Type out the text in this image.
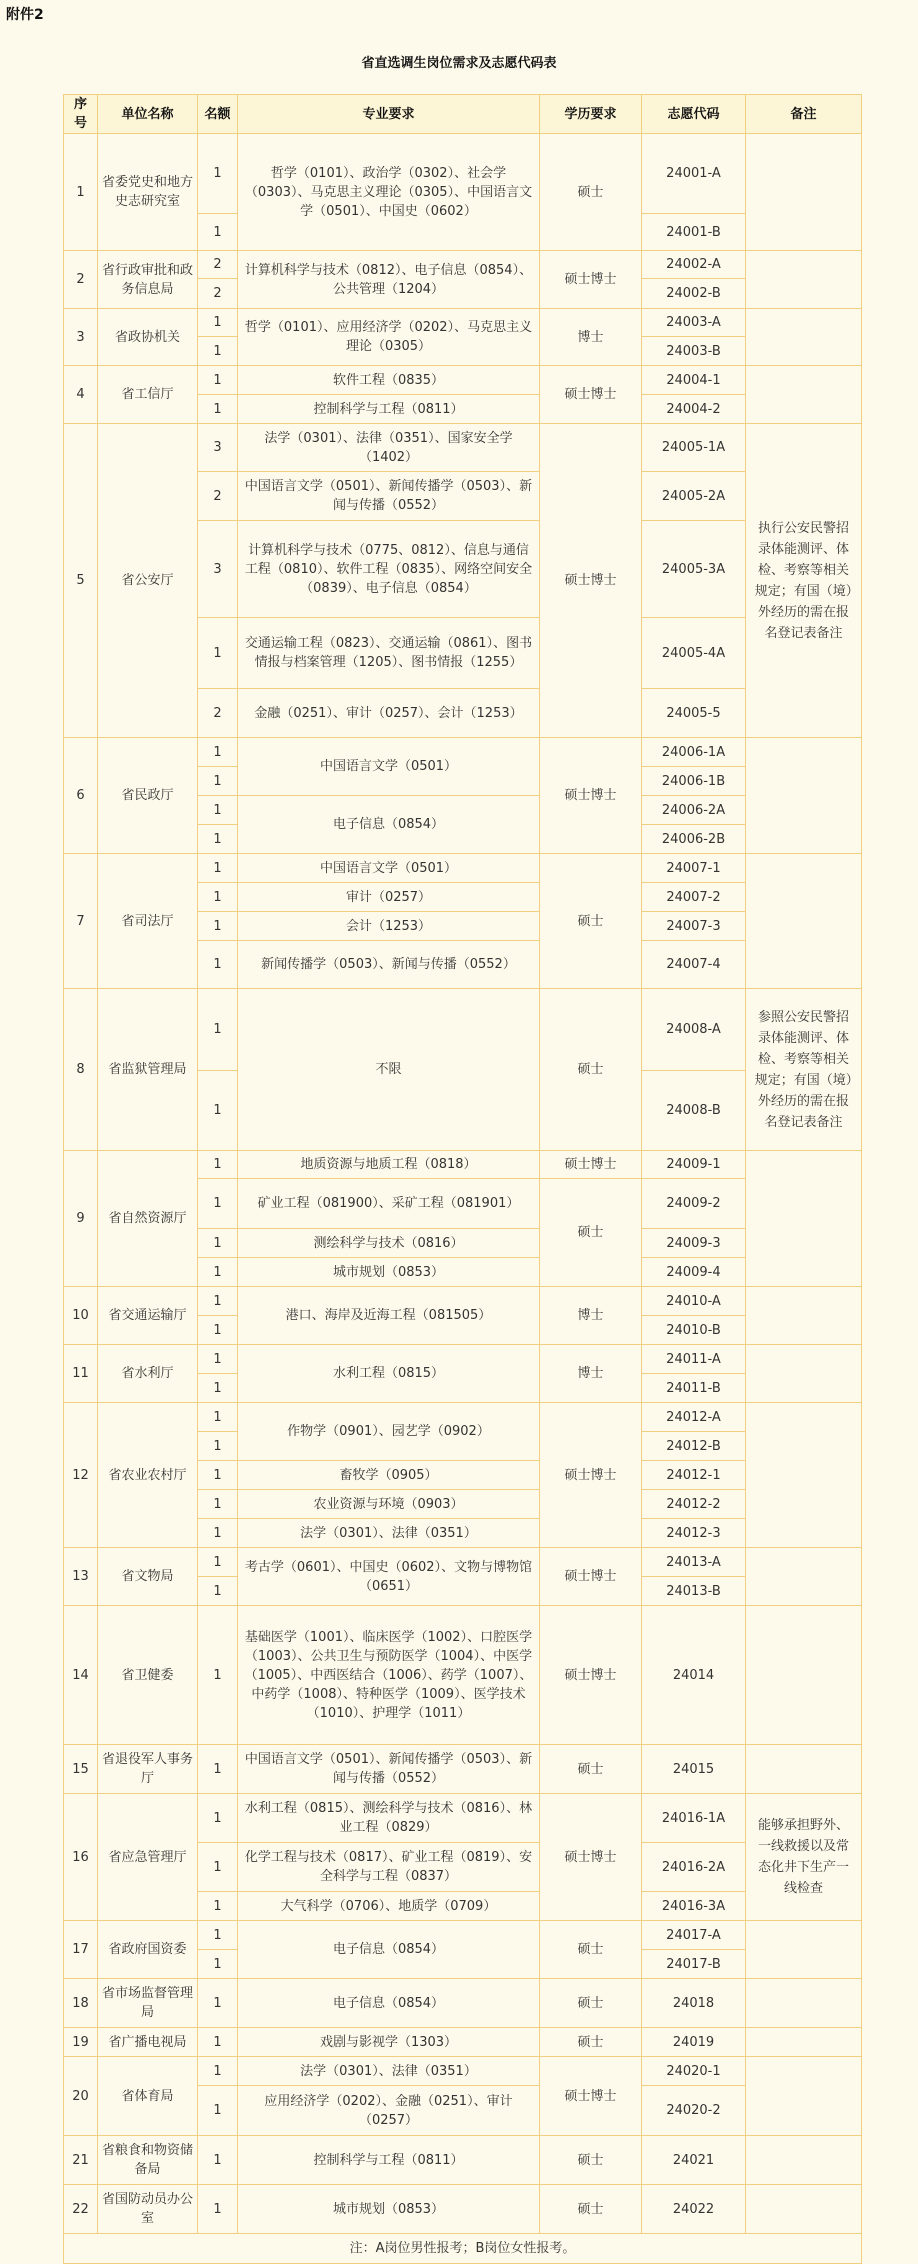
附件2
省直选调生岗位需求及志愿代码表
序号	单位名称	名额	专业要求	学历要求	志愿代码	备注
1	省委党史和地方史志研究室	1	哲学（0101）、政治学（0302）、社会学（0303）、马克思主义理论（0305）、中国语言文学（0501）、中国史（0602）	硕士	24001-A	
		1			24001-B	
2	省行政审批和政务信息局	2	计算机科学与技术（0812）、电子信息（0854）、公共管理（1204）	硕士博士	24002-A	
		2			24002-B	
3	省政协机关	1	哲学（0101）、应用经济学（0202）、马克思主义理论（0305）	博士	24003-A	
		1			24003-B	
4	省工信厅	1	软件工程（0835）	硕士博士	24004-1	
		1	控制科学与工程（0811）		24004-2	
5	省公安厅	3	法学（0301）、法律（0351）、国家安全学（1402）	硕士博士	24005-1A	执行公安民警招录体能测评、体检、考察等相关规定；有国（境）外经历的需在报名登记表备注
		2	中国语言文学（0501）、新闻传播学（0503）、新闻与传播（0552）		24005-2A	
		3	计算机科学与技术（0775、0812）、信息与通信工程（0810）、软件工程（0835）、网络空间安全（0839）、电子信息（0854）		24005-3A	
		1	交通运输工程（0823）、交通运输（0861）、图书情报与档案管理（1205）、图书情报（1255）		24005-4A	
		2	金融（0251）、审计（0257）、会计（1253）		24005-5	
6	省民政厅	1	中国语言文学（0501）	硕士博士	24006-1A	
		1			24006-1B	
		1	电子信息（0854）		24006-2A	
		1			24006-2B	
7	省司法厅	1	中国语言文学（0501）	硕士	24007-1	
		1	审计（0257）		24007-2	
		1	会计（1253）		24007-3	
		1	新闻传播学（0503）、新闻与传播（0552）		24007-4	
8	省监狱管理局	1	不限	硕士	24008-A	参照公安民警招录体能测评、体检、考察等相关规定；有国（境）外经历的需在报名登记表备注
		1			24008-B	
9	省自然资源厅	1	地质资源与地质工程（0818）	硕士博士	24009-1	
		1	矿业工程（081900）、采矿工程（081901）	硕士	24009-2	
		1	测绘科学与技术（0816）		24009-3	
		1	城市规划（0853）		24009-4	
10	省交通运输厅	1	港口、海岸及近海工程（081505）	博士	24010-A	
		1			24010-B	
11	省水利厅	1	水利工程（0815）	博士	24011-A	
		1			24011-B	
12	省农业农村厅	1	作物学（0901）、园艺学（0902）	硕士博士	24012-A	
		1			24012-B	
		1	畜牧学（0905）		24012-1	
		1	农业资源与环境（0903）		24012-2	
		1	法学（0301）、法律（0351）		24012-3	
13	省文物局	1	考古学（0601）、中国史（0602）、文物与博物馆（0651）	硕士博士	24013-A	
		1			24013-B	
14	省卫健委	1	基础医学（1001）、临床医学（1002）、口腔医学（1003）、公共卫生与预防医学（1004）、中医学（1005）、中西医结合（1006）、药学（1007）、中药学（1008）、特种医学（1009）、医学技术（1010）、护理学（1011）	硕士博士	24014	
15	省退役军人事务厅	1	中国语言文学（0501）、新闻传播学（0503）、新闻与传播（0552）	硕士	24015	
16	省应急管理厅	1	水利工程（0815）、测绘科学与技术（0816）、林业工程（0829）	硕士博士	24016-1A	能够承担野外、一线救援以及常态化井下生产一线检查
		1	化学工程与技术（0817）、矿业工程（0819）、安全科学与工程（0837）		24016-2A	
		1	大气科学（0706）、地质学（0709）		24016-3A	
17	省政府国资委	1	电子信息（0854）	硕士	24017-A	
		1			24017-B	
18	省市场监督管理局	1	电子信息（0854）	硕士	24018	
19	省广播电视局	1	戏剧与影视学（1303）	硕士	24019	
20	省体育局	1	法学（0301）、法律（0351）	硕士博士	24020-1	
		1	应用经济学（0202）、金融（0251）、审计（0257）		24020-2	
21	省粮食和物资储备局	1	控制科学与工程（0811）	硕士	24021	
22	省国防动员办公室	1	城市规划（0853）	硕士	24022	
注：A岗位男性报考；B岗位女性报考。						
